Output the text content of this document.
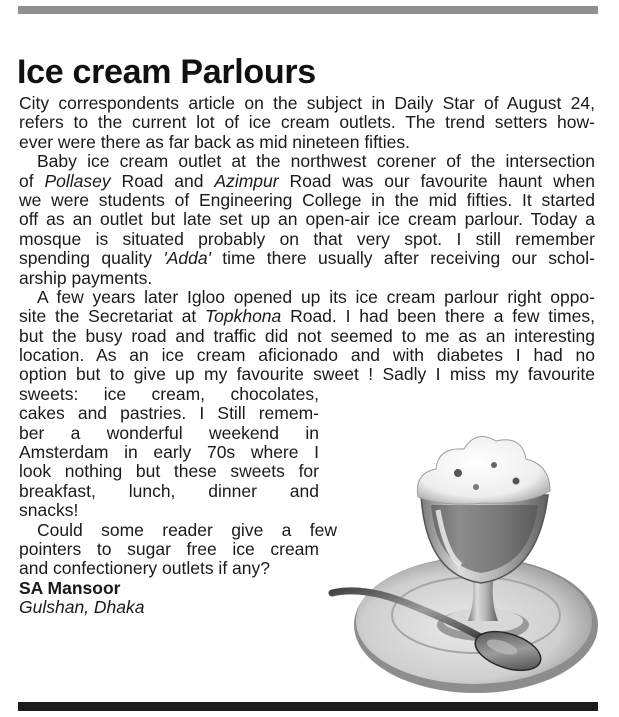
Ice cream Parlours

City correspondents article on the subject in Daily Star of August 24,
refers to the current lot of ice cream outlets. The trend setters how-
ever were there as far back as mid nineteen fifties.

Baby ice cream outlet at the northwest corener of the intersection
of Pollasey Road and Azimpur Road was our favourite haunt when
we were students of Engineering College in the mid fifties. It started
off as an outlet but late set up an open-air ice cream parlour. Today a
mosque is situated probably on that very spot. I still remember
spending quality 'Adda' time there usually after receiving our schol-
arship payments.

A few years later Igloo opened up its ice cream parlour right oppo-
site the Secretariat at Topkhona Road. I had been there a few times,
but the busy road and traffic did not seemed to me as an interesting
location. As an ice cream aficionado and with diabetes I had no
option but to give up my favourite sweet ! Sadly I miss my favourite
sweets: ice cream, chocolates,
cakes and pastries. I Still remem-
ber a wonderful weekend in
Amsterdam in early 70s where I
look nothing but these sweets for
breakfast, lunch, dinner and
snacks!

Could some reader give a few
pointers to sugar free ice cream
and confectionery outlets if any?

SA Mansoor
Gulshan, Dhaka
